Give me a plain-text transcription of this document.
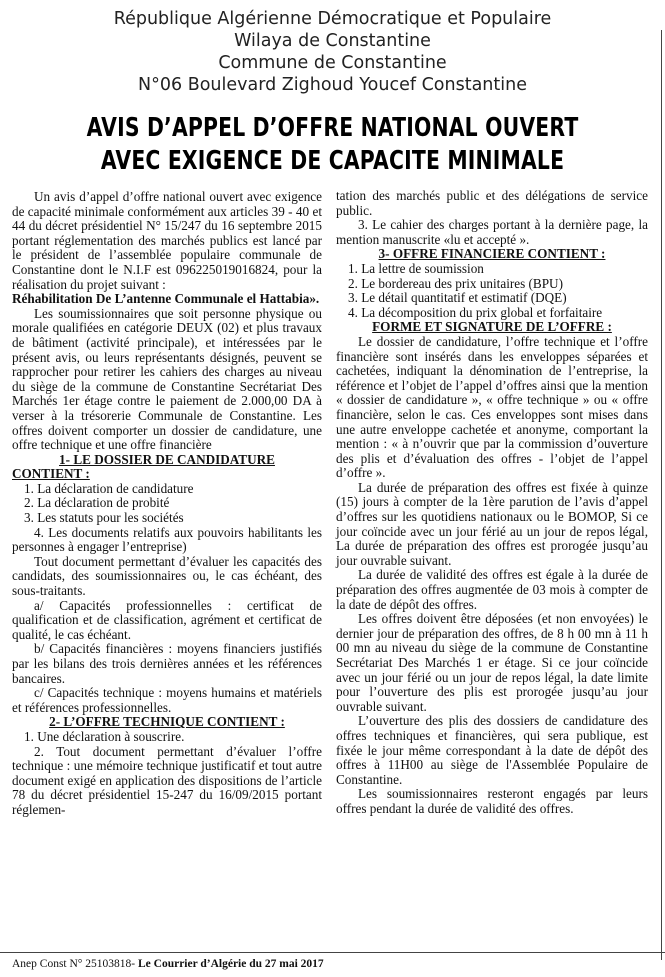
République Algérienne Démocratique et Populaire
Wilaya de Constantine
Commune de Constantine
N°06 Boulevard Zighoud Youcef Constantine
AVIS D’APPEL D’OFFRE NATIONAL OUVERT
AVEC EXIGENCE DE CAPACITE MINIMALE

Un avis d’appel d’offre national ouvert avec exigence de capacité minimale conformément aux articles 39 - 40 et 44 du décret présidentiel N° 15/247 du 16 septembre 2015 portant réglementation des marchés publics est lancé par le président de l’assemblée populaire communale de Constantine dont le N.I.F est 096225019016824, pour la réalisation du projet suivant :

Réhabilitation De L’antenne Communale el Hattabia».

Les soumissionnaires que soit personne physique ou morale qualifiées en catégorie DEUX (02) et plus travaux de bâtiment (activité principale), et intéressées par le présent avis, ou leurs représentants désignés, peuvent se rapprocher pour retirer les cahiers des charges au niveau du siège de la commune de Constantine Secrétariat Des Marchés 1er étage contre le paiement de 2.000,00 DA à verser à la trésorerie Communale de Constantine. Les offres doivent comporter un dossier de candidature, une offre technique et une offre financière

1- LE DOSSIER DE CANDIDATURE

CONTIENT :

1. La déclaration de candidature

2. La déclaration de probité

3. Les statuts pour les sociétés

4. Les documents relatifs aux pouvoirs habilitants les personnes à engager l’entreprise)

Tout document permettant d’évaluer les capacités des candidats, des soumissionnaires ou, le cas échéant, des sous-traitants.

a/ Capacités professionnelles : certificat de qualification et de classification, agrément et certificat de qualité, le cas échéant.

b/ Capacités financières : moyens financiers justifiés par les bilans des trois dernières années et les références bancaires.

c/ Capacités technique : moyens humains et matériels et références professionnelles.

2- L’OFFRE TECHNIQUE CONTIENT :

1. Une déclaration à souscrire.

2. Tout document permettant d’évaluer l’offre technique : une mémoire technique justificatif et tout autre document exigé en application des dispositions de l’article 78 du décret présidentiel 15-247 du 16/09/2015 portant réglemen-

tation des marchés public et des délégations de service public.

3. Le cahier des charges portant à la dernière page, la mention manuscrite «lu et accepté ».

3- OFFRE FINANCIERE CONTIENT :

1. La lettre de soumission

2. Le bordereau des prix unitaires (BPU)

3. Le détail quantitatif et estimatif (DQE)

4. La décomposition du prix global et forfaitaire

FORME ET SIGNATURE DE L’OFFRE :

Le dossier de candidature, l’offre technique et l’offre financière sont insérés dans les enveloppes séparées et cachetées, indiquant la dénomination de l’entreprise, la référence et l’objet de l’appel d’offres ainsi que la mention « dossier de candidature », « offre technique » ou « offre financière, selon le cas. Ces enveloppes sont mises dans une autre enveloppe cachetée et anonyme, comportant la mention : « à n’ouvrir que par la commission d’ouverture des plis et d’évaluation des offres - l’objet de l’appel d’offre ».

La durée de préparation des offres est fixée à quinze (15) jours à compter de la 1ère parution de l’avis d’appel d’offres sur les quotidiens nationaux ou le BOMOP, Si ce jour coïncide avec un jour férié au un jour de repos légal, La durée de préparation des offres est prorogée jusqu’au jour ouvrable suivant.

La durée de validité des offres est égale à la durée de préparation des offres augmentée de 03 mois à compter de la date de dépôt des offres.

Les offres doivent être déposées (et non envoyées) le dernier jour de préparation des offres, de 8 h 00 mn à 11 h 00 mn au niveau du siège de la commune de Constantine Secrétariat Des Marchés 1 er étage. Si ce jour coïncide avec un jour férié ou un jour de repos légal, la date limite pour l’ouverture des plis est prorogée jusqu’au jour ouvrable suivant.

L’ouverture des plis des dossiers de candidature des offres techniques et financières, qui sera publique, est fixée le jour même correspondant à la date de dépôt des offres à 11H00 au siège de l'Assemblée Populaire de Constantine.

Les soumissionnaires resteront engagés par leurs offres pendant la durée de validité des offres.

Anep Const N° 25103818- Le Courrier d’Algérie du 27 mai 2017
